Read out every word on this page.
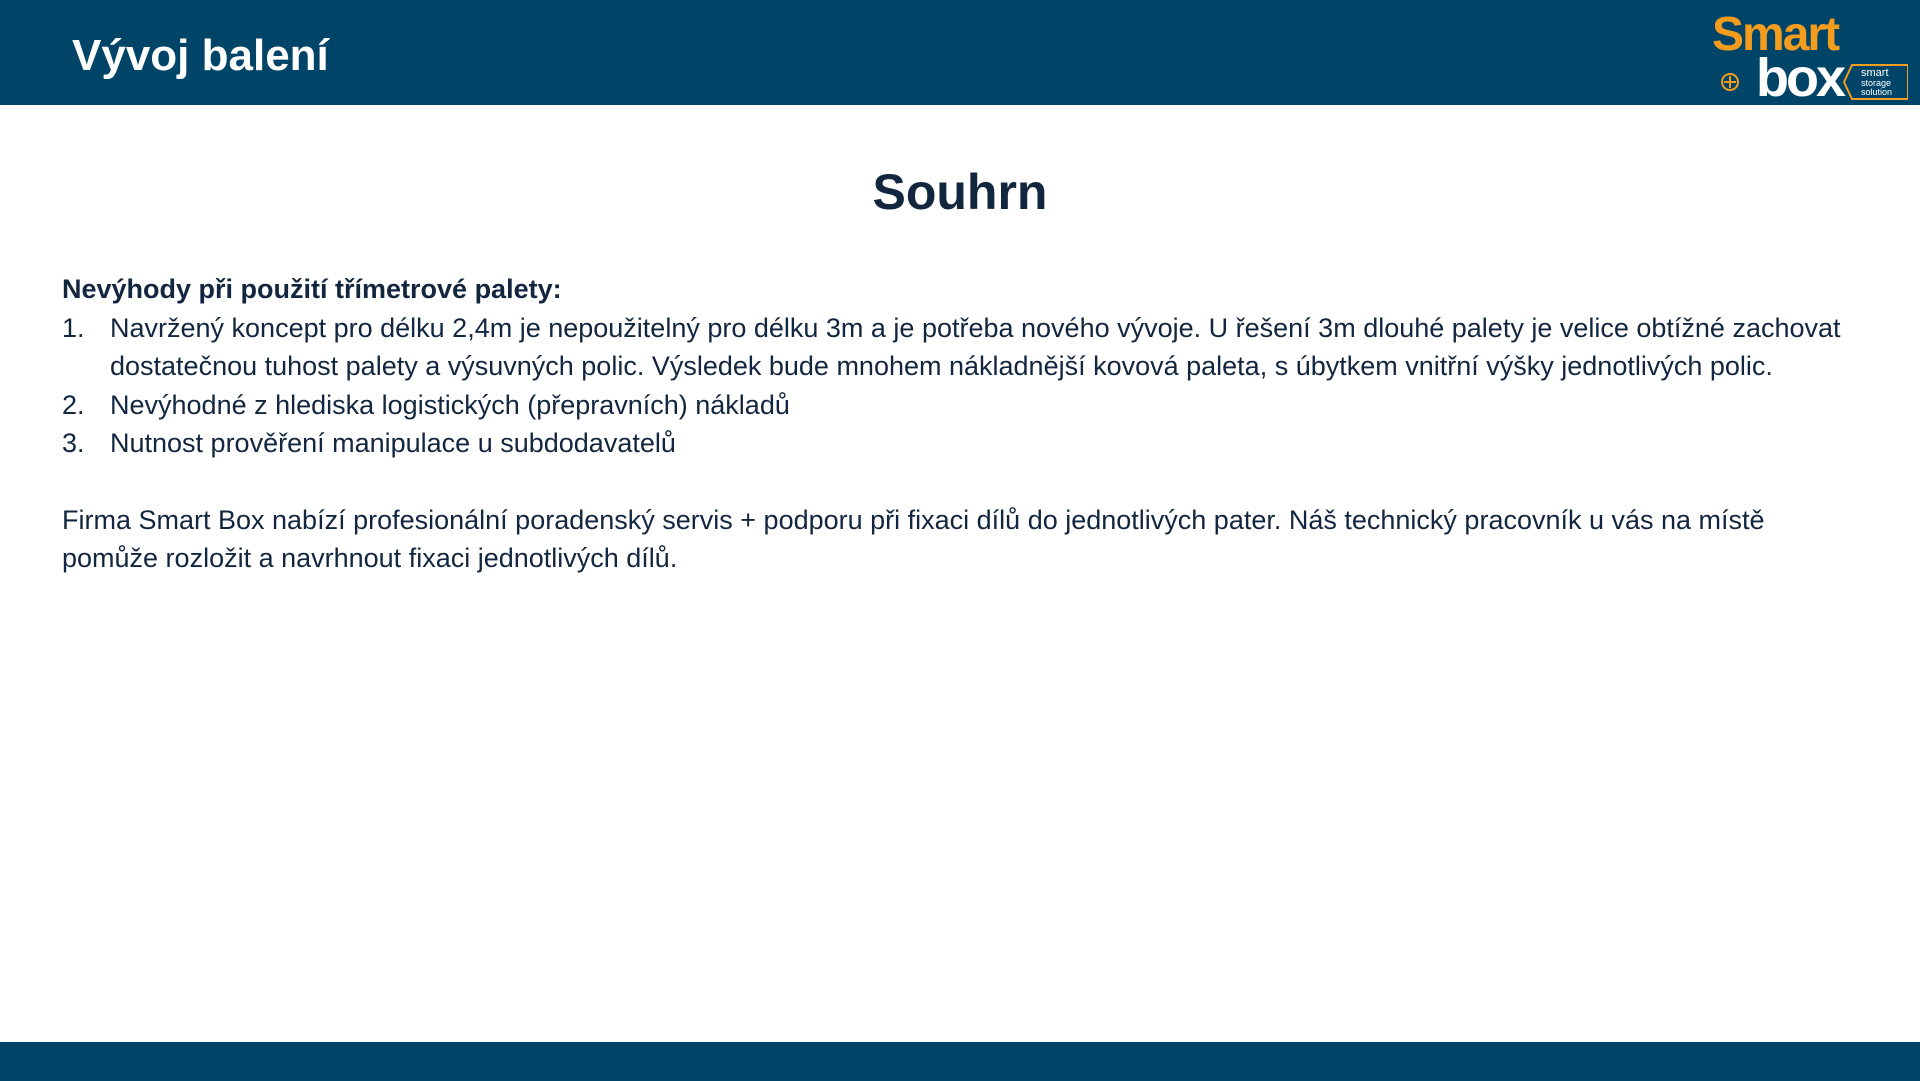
Vývoj balení	Smart
box smart
storage
solution
Souhrn

Nevýhody při použití třímetrové palety:

1. Navržený koncept pro délku 2,4m je nepoužitelný pro délku 3m a je potřeba nového vývoje. U řešení 3m dlouhé palety je velice obtížné zachovat dostatečnou tuhost palety a výsuvných polic. Výsledek bude mnohem nákladnější kovová paleta, s úbytkem vnitřní výšky jednotlivých polic.
2. Nevýhodné z hlediska logistických (přepravních) nákladů
3. Nutnost prověření manipulace u subdodavatelů

Firma Smart Box nabízí profesionální poradenský servis + podporu při fixaci dílů do jednotlivých pater. Náš technický pracovník u vás na místě pomůže rozložit a navrhnout fixaci jednotlivých dílů.
